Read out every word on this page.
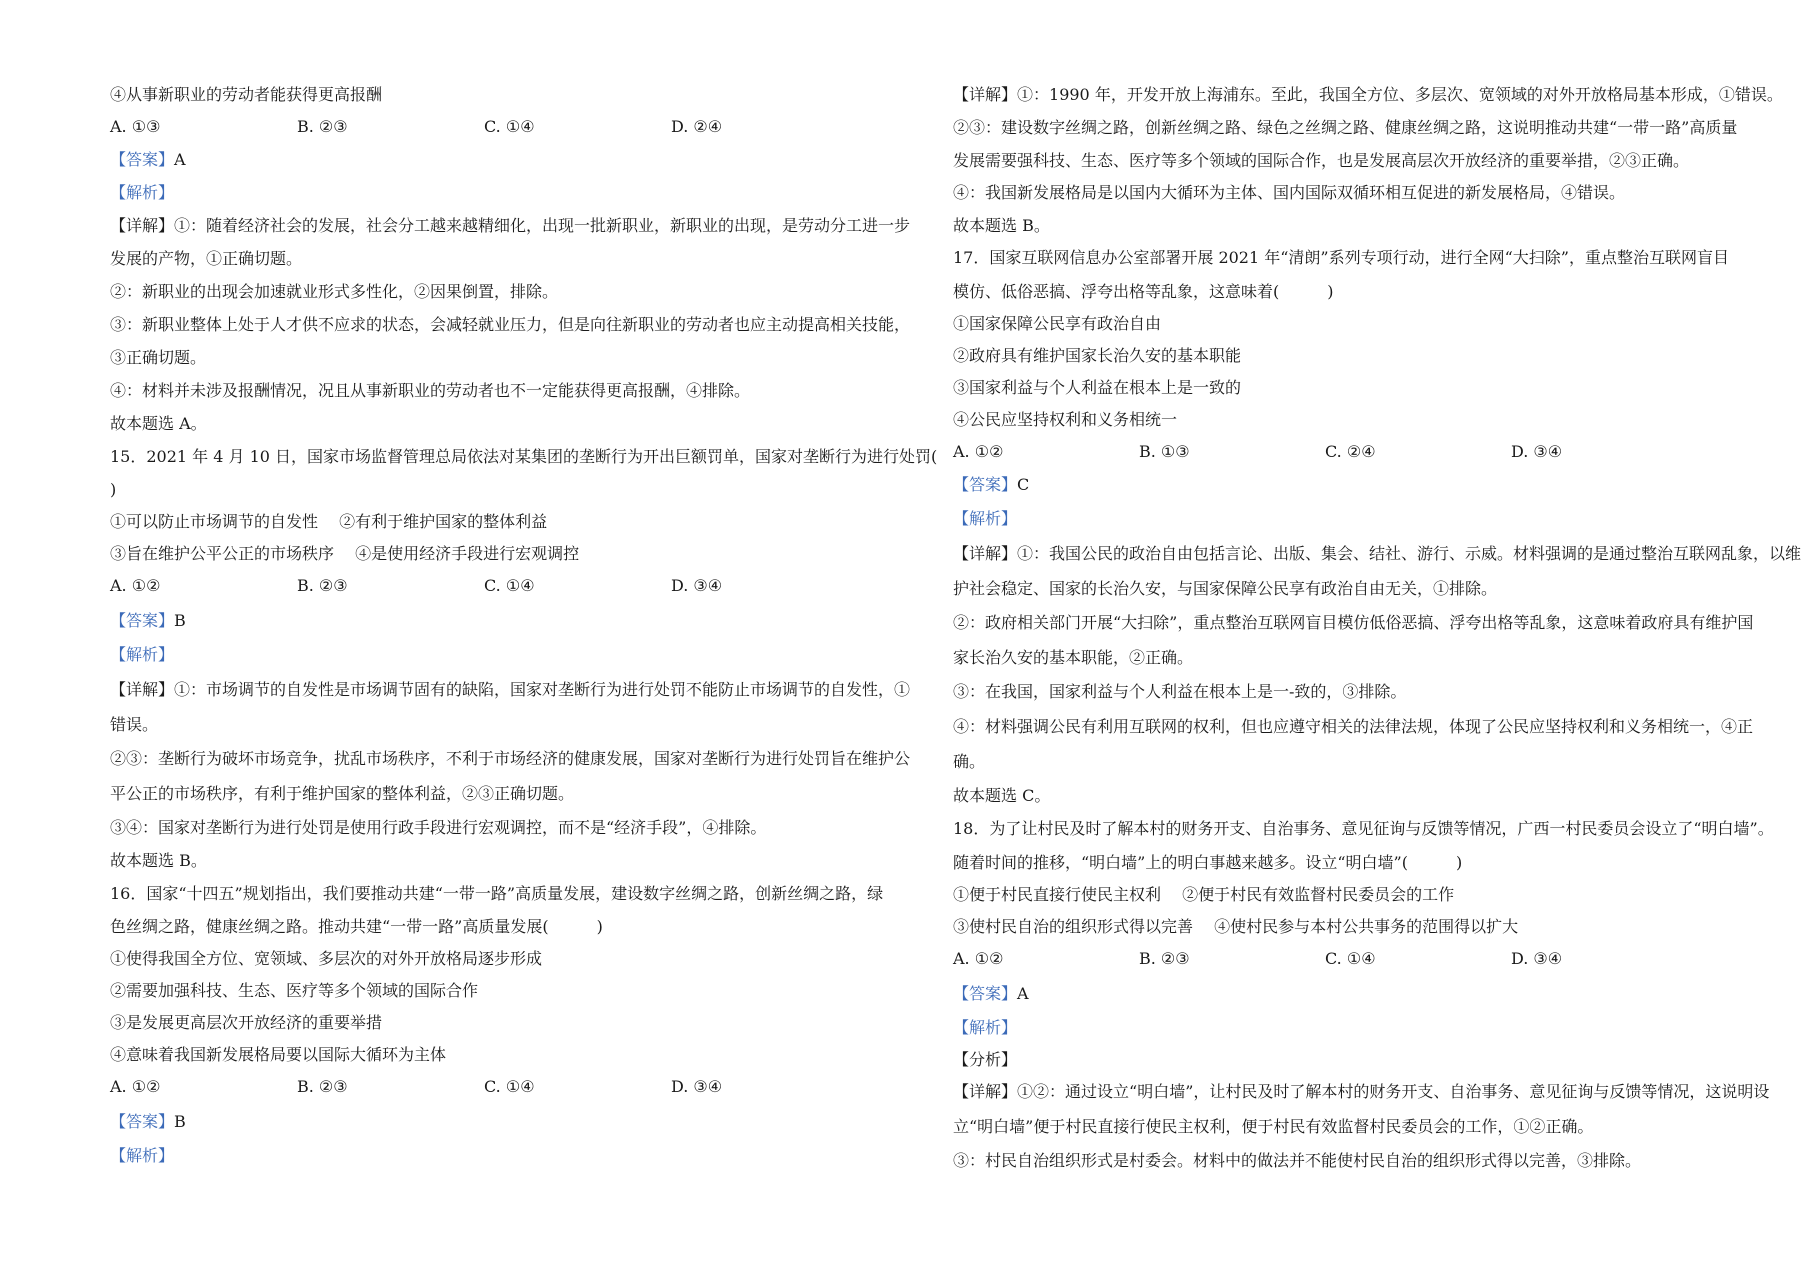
④从事新职业的劳动者能获得更高报酬
A. ①③	B. ②③	C. ①④	D. ②④
【答案】A
【解析】
【详解】①：随着经济社会的发展，社会分工越来越精细化，出现一批新职业，新职业的出现，是劳动分工进一步
发展的产物，①正确切题。
②：新职业的出现会加速就业形式多性化，②因果倒置，排除。
③：新职业整体上处于人才供不应求的状态，会减轻就业压力，但是向往新职业的劳动者也应主动提高相关技能，
③正确切题。
④：材料并未涉及报酬情况，况且从事新职业的劳动者也不一定能获得更高报酬，④排除。
故本题选 A。
15．2021 年 4 月 10 日，国家市场监督管理总局依法对某集团的垄断行为开出巨额罚单，国家对垄断行为进行处罚(
)
①可以防止市场调节的自发性　 ②有利于维护国家的整体利益
③旨在维护公平公正的市场秩序　 ④是使用经济手段进行宏观调控
A. ①②	B. ②③	C. ①④	D. ③④
【答案】B
【解析】
【详解】①：市场调节的自发性是市场调节固有的缺陷，国家对垄断行为进行处罚不能防止市场调节的自发性，①
错误。
②③：垄断行为破坏市场竞争，扰乱市场秩序，不利于市场经济的健康发展，国家对垄断行为进行处罚旨在维护公
平公正的市场秩序，有利于维护国家的整体利益，②③正确切题。
③④：国家对垄断行为进行处罚是使用行政手段进行宏观调控，而不是“经济手段”，④排除。
故本题选 B。
16．国家“十四五”规划指出，我们要推动共建“一带一路”高质量发展，建设数字丝绸之路，创新丝绸之路，绿
色丝绸之路，健康丝绸之路。推动共建“一带一路”高质量发展(　　　)
①使得我国全方位、宽领域、多层次的对外开放格局逐步形成
②需要加强科技、生态、医疗等多个领域的国际合作
③是发展更高层次开放经济的重要举措
④意味着我国新发展格局要以国际大循环为主体
A. ①②	B. ②③	C. ①④	D. ③④
【答案】B
【解析】
【详解】①：1990 年，开发开放上海浦东。至此，我国全方位、多层次、宽领域的对外开放格局基本形成，①错误。
②③：建设数字丝绸之路，创新丝绸之路、绿色之丝绸之路、健康丝绸之路，这说明推动共建“一带一路”高质量
发展需要强科技、生态、医疗等多个领域的国际合作，也是发展高层次开放经济的重要举措，②③正确。
④：我国新发展格局是以国内大循环为主体、国内国际双循环相互促进的新发展格局，④错误。
故本题选 B。
17．国家互联网信息办公室部署开展 2021 年“清朗”系列专项行动，进行全网“大扫除”，重点整治互联网盲目
模仿、低俗恶搞、浮夸出格等乱象，这意味着(　　　)
①国家保障公民享有政治自由
②政府具有维护国家长治久安的基本职能
③国家利益与个人利益在根本上是一致的
④公民应坚持权利和义务相统一
A. ①②	B. ①③	C. ②④	D. ③④
【答案】C
【解析】
【详解】①：我国公民的政治自由包括言论、出版、集会、结社、游行、示威。材料强调的是通过整治互联网乱象，以维
护社会稳定、国家的长治久安，与国家保障公民享有政治自由无关，①排除。
②：政府相关部门开展“大扫除”，重点整治互联网盲目模仿低俗恶搞、浮夸出格等乱象，这意味着政府具有维护国
家长治久安的基本职能，②正确。
③：在我国，国家利益与个人利益在根本上是一-致的，③排除。
④：材料强调公民有利用互联网的权利，但也应遵守相关的法律法规，体现了公民应坚持权利和义务相统一，④正
确。
故本题选 C。
18．为了让村民及时了解本村的财务开支、自治事务、意见征询与反馈等情况，广西一村民委员会设立了“明白墙”。
随着时间的推移，“明白墙”上的明白事越来越多。设立“明白墙”(　　　)
①便于村民直接行使民主权利　 ②便于村民有效监督村民委员会的工作
③使村民自治的组织形式得以完善　 ④使村民参与本村公共事务的范围得以扩大
A. ①②	B. ②③	C. ①④	D. ③④
【答案】A
【解析】
【分析】
【详解】①②：通过设立“明白墙”，让村民及时了解本村的财务开支、自治事务、意见征询与反馈等情况，这说明设
立“明白墙”便于村民直接行使民主权利，便于村民有效监督村民委员会的工作，①②正确。
③：村民自治组织形式是村委会。材料中的做法并不能使村民自治的组织形式得以完善，③排除。
